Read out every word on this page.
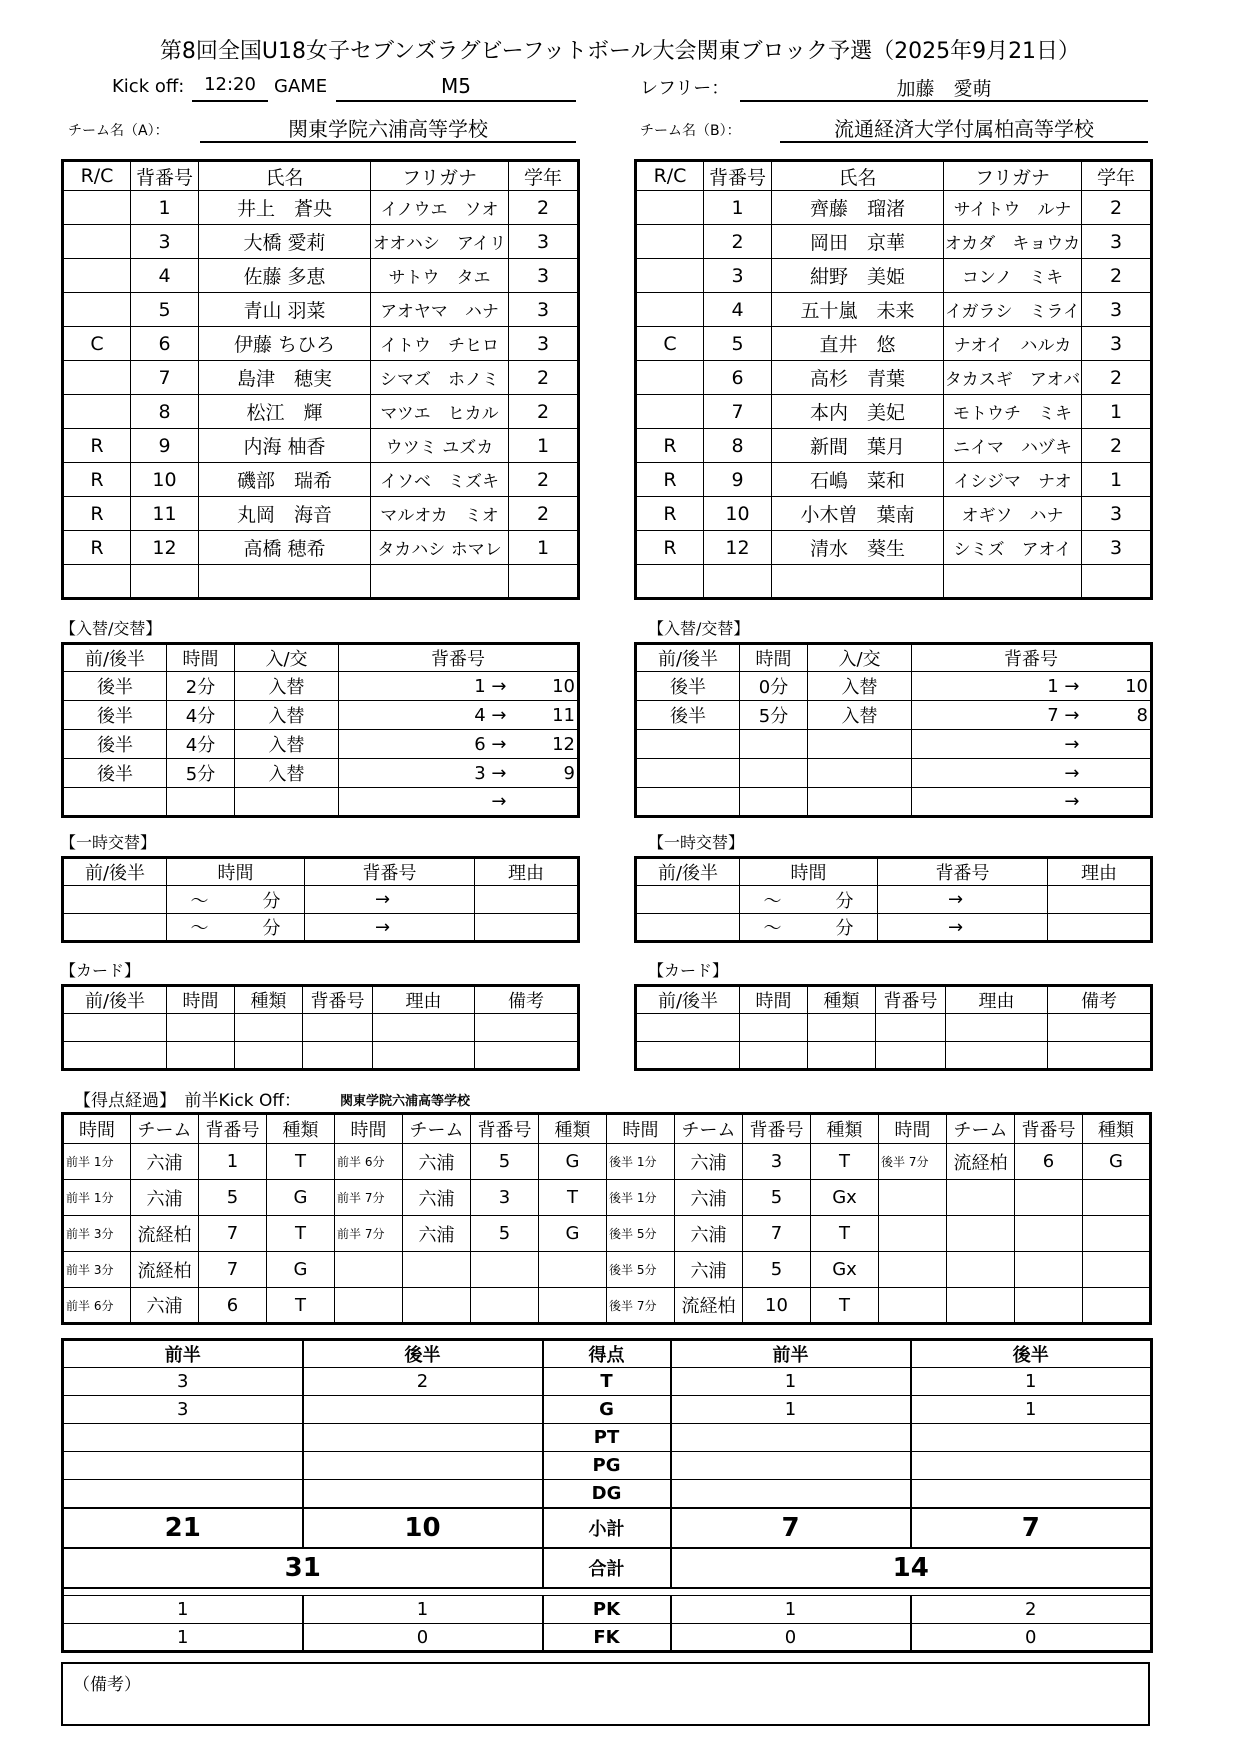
第8回全国U18女子セブンズラグビーフットボール大会関東ブロック予選（2025年9月21日）
Kick off:	12:20	GAME	M5	レフリー：	加藤　愛萌
チーム名（A）：	関東学院六浦高等学校	チーム名（B）：	流通経済大学付属柏高等学校
R/C	背番号	氏名	フリガナ	学年
	1	井上　蒼央	イノウエ　ソオ	2
	3	大橋 愛莉	オオハシ　アイリ	3
	4	佐藤 多恵	サトウ　タエ	3
	5	青山 羽菜	アオヤマ　ハナ	3
C	6	伊藤 ちひろ	イトウ　チヒロ	3
	7	島津　穂実	シマズ　ホノミ	2
	8	松江　輝	マツエ　ヒカル	2
R	9	内海 柚香	ウツミ ユズカ	1
R	10	磯部　瑞希	イソベ　ミズキ	2
R	11	丸岡　海音	マルオカ　ミオ	2
R	12	高橋 穂希	タカハシ ホマレ	1

R/C	背番号	氏名	フリガナ	学年
	1	齊藤　瑠渚	サイトウ　ルナ	2
	2	岡田　京華	オカダ　キョウカ	3
	3	紺野　美姫	コンノ　ミキ	2
	4	五十嵐　未来	イガラシ　ミライ	3
C	5	直井　悠	ナオイ　ハルカ	3
	6	高杉　青葉	タカスギ　アオバ	2
	7	本内　美妃	モトウチ　ミキ	1
R	8	新間　葉月	ニイマ　ハヅキ	2
R	9	石嶋　菜和	イシジマ　ナオ	1
R	10	小木曽　葉南	オギソ　ハナ	3
R	12	清水　葵生	シミズ　アオイ	3

【入替/交替】
前/後半	時間	入/交	背番号	
後半	2分	入替	1 →	10
後半	4分	入替	4 →	11
後半	4分	入替	6 →	12
後半	5分	入替	3 →	9
			→	
【入替/交替】
前/後半	時間	入/交	背番号	
後半	0分	入替	1 →	10
後半	5分	入替	7 →	8
			→	
			→	
			→	
【一時交替】
前/後半	時間	背番号	理由
	～　　　分	→	
	～　　　分	→	
【一時交替】
前/後半	時間	背番号	理由
	～　　　分	→	
	～　　　分	→	
【カード】
前/後半	時間	種類	背番号	理由	備考

【カード】
前/後半	時間	種類	背番号	理由	備考

【得点経過】　前半Kick Off：	関東学院六浦高等学校
時間	チーム	背番号	種類	時間	チーム	背番号	種類	時間	チーム	背番号	種類	時間	チーム	背番号	種類
前半 1分	六浦	1	T	前半 6分	六浦	5	G	後半 1分	六浦	3	T	後半 7分	流経柏	6	G
前半 1分	六浦	5	G	前半 7分	六浦	3	T	後半 1分	六浦	5	Gx				
前半 3分	流経柏	7	T	前半 7分	六浦	5	G	後半 5分	六浦	7	T				
前半 3分	流経柏	7	G					後半 5分	六浦	5	Gx				
前半 6分	六浦	6	T					後半 7分	流経柏	10	T				
前半	後半	得点	前半	後半
3	2	T	1	1
3		G	1	1
		PT		
		PG		
		DG		
21	10	小計	7	7
31		合計	14	

1	1	PK	1	2
1	0	FK	0	0
（備考）
